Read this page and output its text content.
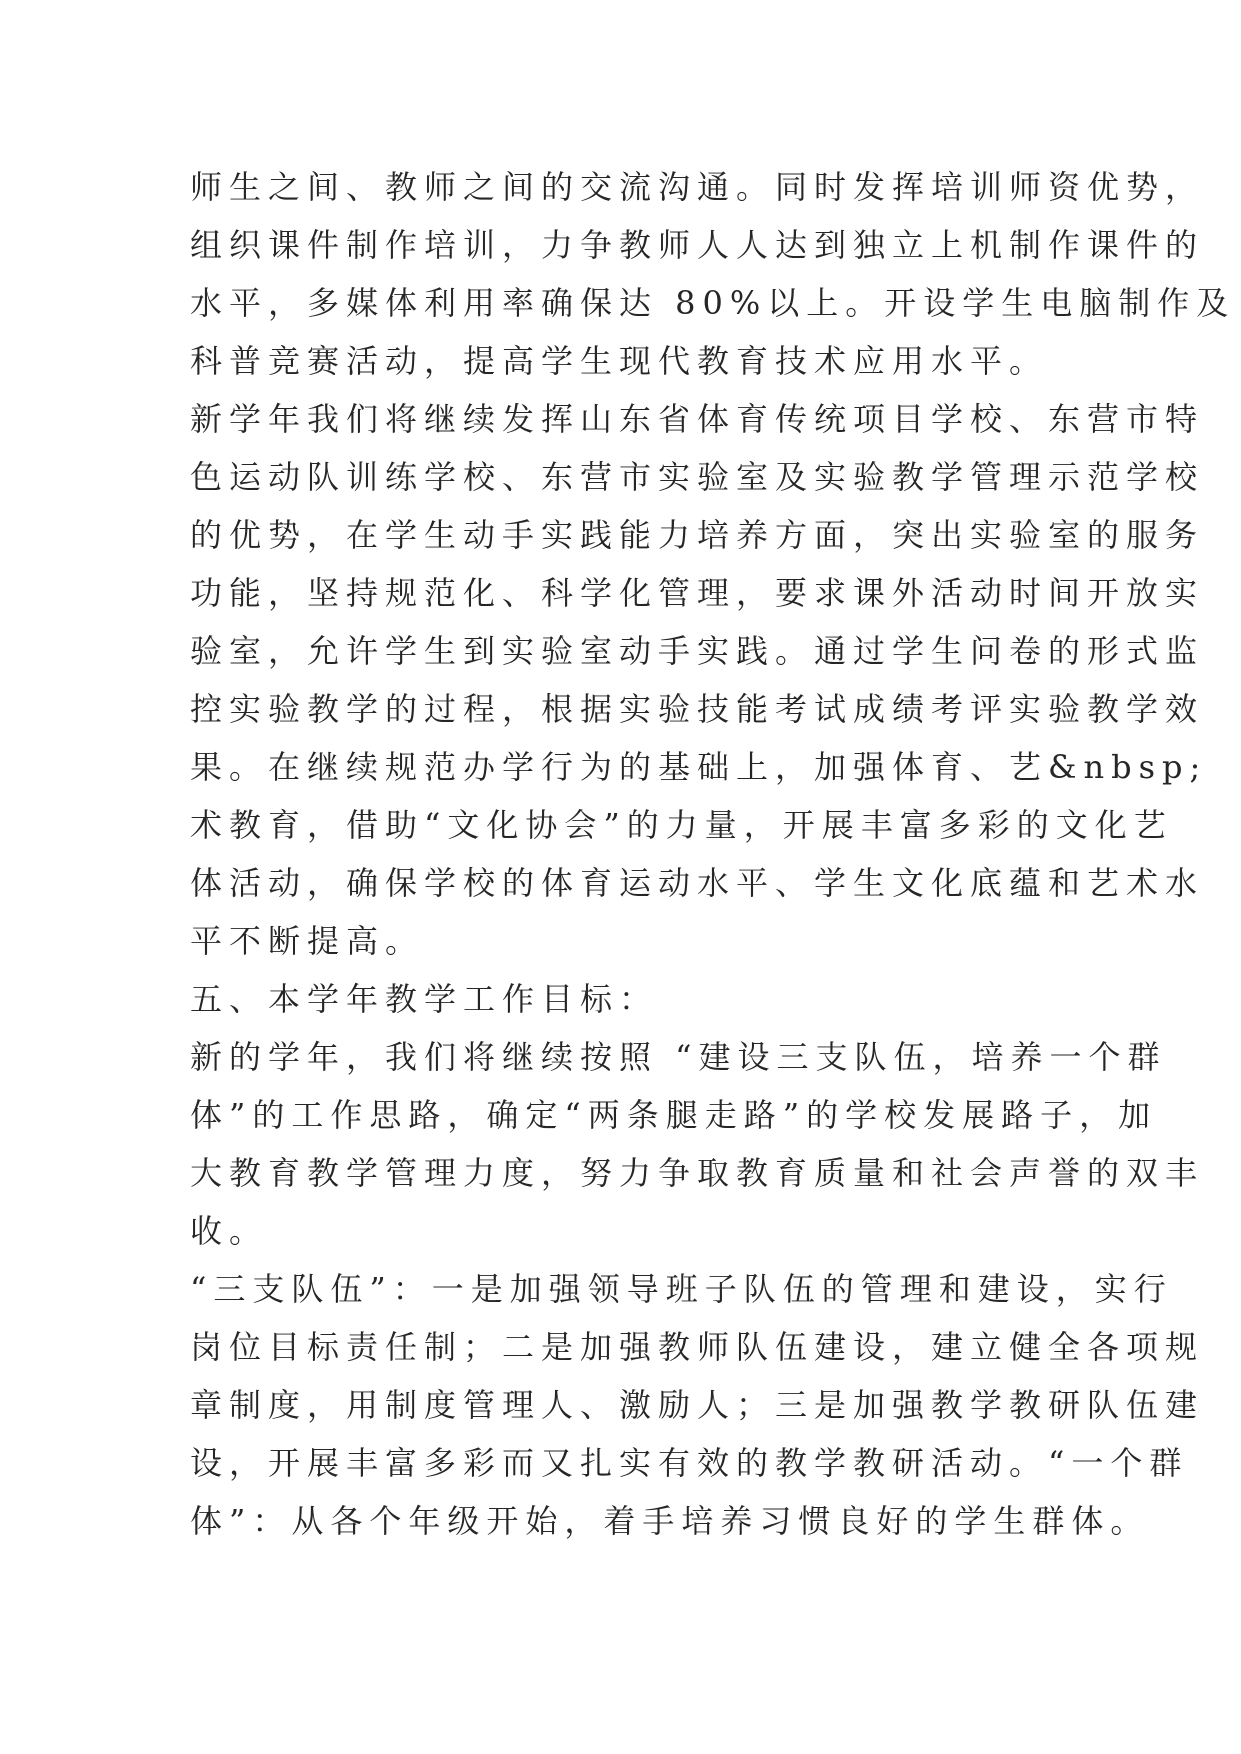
师生之间、教师之间的交流沟通。同时发挥培训师资优势，
组织课件制作培训，力争教师人人达到独立上机制作课件的
水平，多媒体利用率确保达 80%以上。开设学生电脑制作及
科普竞赛活动，提高学生现代教育技术应用水平。
新学年我们将继续发挥山东省体育传统项目学校、东营市特
色运动队训练学校、东营市实验室及实验教学管理示范学校
的优势，在学生动手实践能力培养方面，突出实验室的服务
功能，坚持规范化、科学化管理，要求课外活动时间开放实
验室，允许学生到实验室动手实践。通过学生问卷的形式监
控实验教学的过程，根据实验技能考试成绩考评实验教学效
果。在继续规范办学行为的基础上，加强体育、艺&nbsp;
术教育，借助“文化协会”的力量，开展丰富多彩的文化艺
体活动，确保学校的体育运动水平、学生文化底蕴和艺术水
平不断提高。
五、本学年教学工作目标：
新的学年，我们将继续按照 “建设三支队伍，培养一个群
体”的工作思路，确定“两条腿走路”的学校发展路子，加
大教育教学管理力度，努力争取教育质量和社会声誉的双丰
收。
“三支队伍”：一是加强领导班子队伍的管理和建设，实行
岗位目标责任制；二是加强教师队伍建设，建立健全各项规
章制度，用制度管理人、激励人；三是加强教学教研队伍建
设，开展丰富多彩而又扎实有效的教学教研活动。“一个群
体”：从各个年级开始，着手培养习惯良好的学生群体。
